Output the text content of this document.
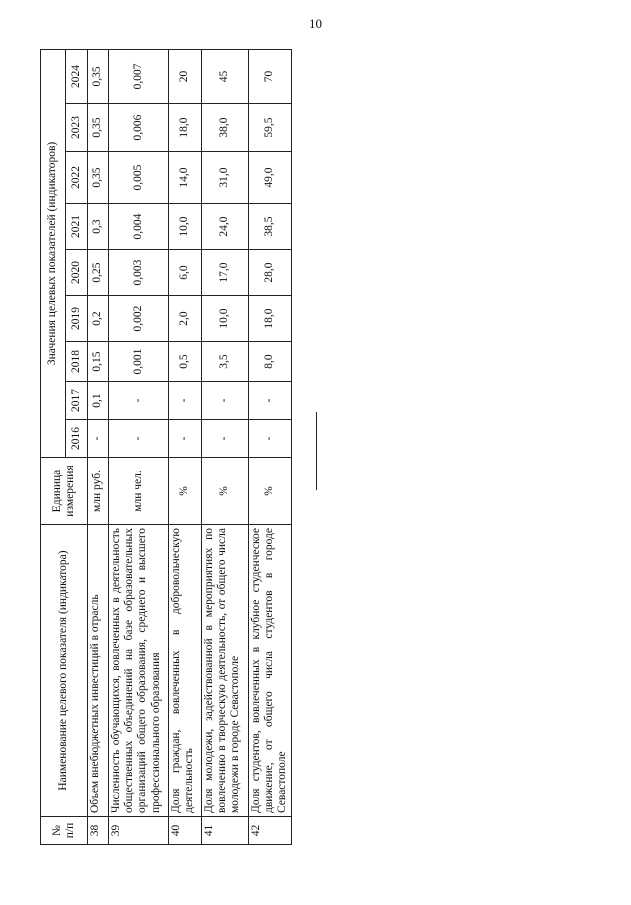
10
№ п/п	Наименование целевого показателя (индикатора)	Единица измерения	Значения целевых показателей (индикаторов)								
			2016	2017	2018	2019	2020	2021	2022	2023	2024
38	Объем внебюджетных инвестиций в отрасль	млн руб.	-	0,1	0,15	0,2	0,25	0,3	0,35	0,35	0,35
39	Численность обучающихся, вовлеченных в деятельность общественных объединений на базе образовательных организаций общего образования, среднего и высшего профессионального образования	млн чел.	-	-	0,001	0,002	0,003	0,004	0,005	0,006	0,007
40	Доля граждан, вовлеченных в добровольческую деятельность	%	-	-	0,5	2,0	6,0	10,0	14,0	18,0	20
41	Доля молодежи, задействованной в мероприятиях по вовлечению в творческую деятельность, от общего числа молодежи в городе Севастополе	%	-	-	3,5	10,0	17,0	24,0	31,0	38,0	45
42	Доля студентов, вовлеченных в клубное студенческое движение, от общего числа студентов в городе Севастополе	%	-	-	8,0	18,0	28,0	38,5	49,0	59,5	70
